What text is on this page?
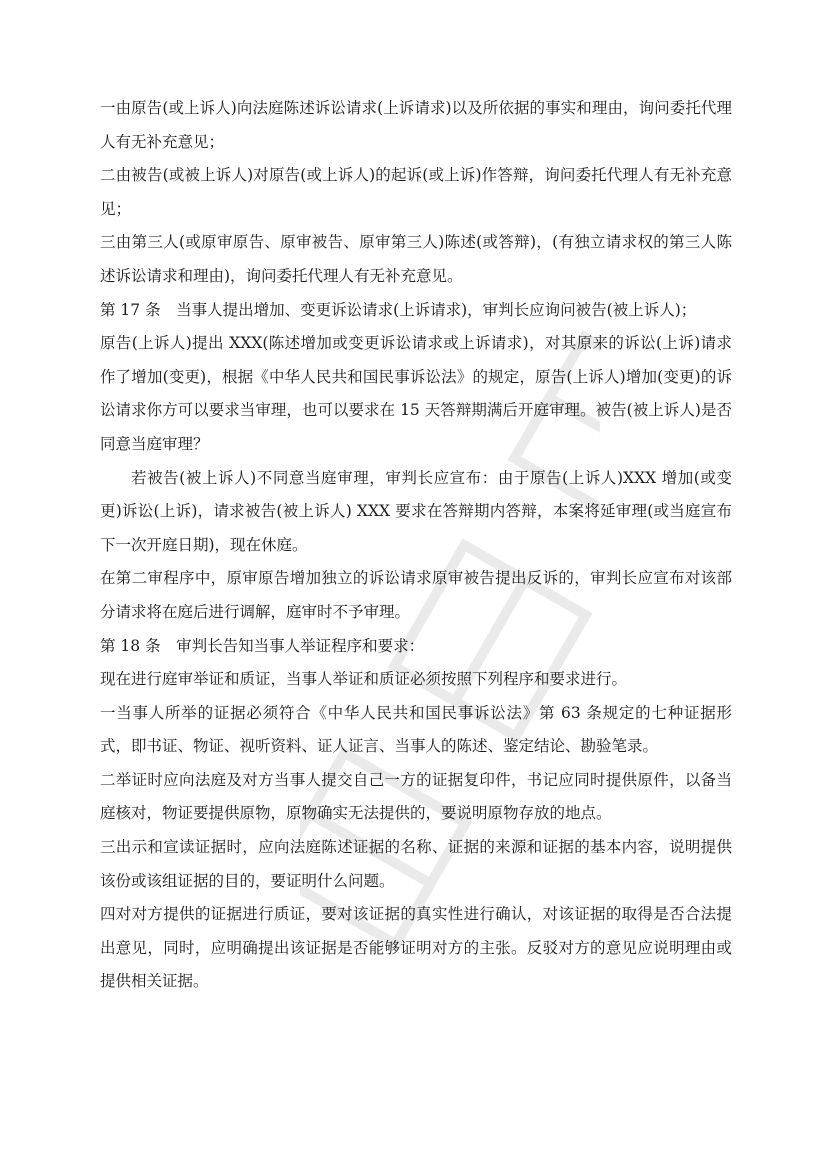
一由原告(或上诉人)向法庭陈述诉讼请求(上诉请求)以及所依据的事实和理由，询问委托代理人有无补充意见；

二由被告(或被上诉人)对原告(或上诉人)的起诉(或上诉)作答辩，询问委托代理人有无补充意见；

三由第三人(或原审原告、原审被告、原审第三人)陈述(或答辩)，(有独立请求权的第三人陈述诉讼请求和理由)，询问委托代理人有无补充意见。

第 17 条　当事人提出增加、变更诉讼请求(上诉请求)，审判长应询问被告(被上诉人)；

原告(上诉人)提出 XXX(陈述增加或变更诉讼请求或上诉请求)，对其原来的诉讼(上诉)请求作了增加(变更)，根据《中华人民共和国民事诉讼法》的规定，原告(上诉人)增加(变更)的诉讼请求你方可以要求当审理，也可以要求在 15 天答辩期满后开庭审理。被告(被上诉人)是否同意当庭审理？

若被告(被上诉人)不同意当庭审理，审判长应宣布：由于原告(上诉人)XXX 增加(或变更)诉讼(上诉)，请求被告(被上诉人) XXX 要求在答辩期内答辩，本案将延审理(或当庭宣布下一次开庭日期)，现在休庭。

在第二审程序中，原审原告增加独立的诉讼请求原审被告提出反诉的，审判长应宣布对该部分请求将在庭后进行调解，庭审时不予审理。

第 18 条　审判长告知当事人举证程序和要求：

现在进行庭审举证和质证，当事人举证和质证必须按照下列程序和要求进行。

一当事人所举的证据必须符合《中华人民共和国民事诉讼法》第 63 条规定的七种证据形式，即书证、物证、视听资料、证人证言、当事人的陈述、鉴定结论、勘验笔录。

二举证时应向法庭及对方当事人提交自己一方的证据复印件，书记应同时提供原件，以备当庭核对，物证要提供原物，原物确实无法提供的，要说明原物存放的地点。

三出示和宣读证据时，应向法庭陈述证据的名称、证据的来源和证据的基本内容，说明提供该份或该组证据的目的，要证明什么问题。

四对对方提供的证据进行质证，要对该证据的真实性进行确认，对该证据的取得是否合法提出意见，同时，应明确提出该证据是否能够证明对方的主张。反驳对方的意见应说明理由或提供相关证据。
